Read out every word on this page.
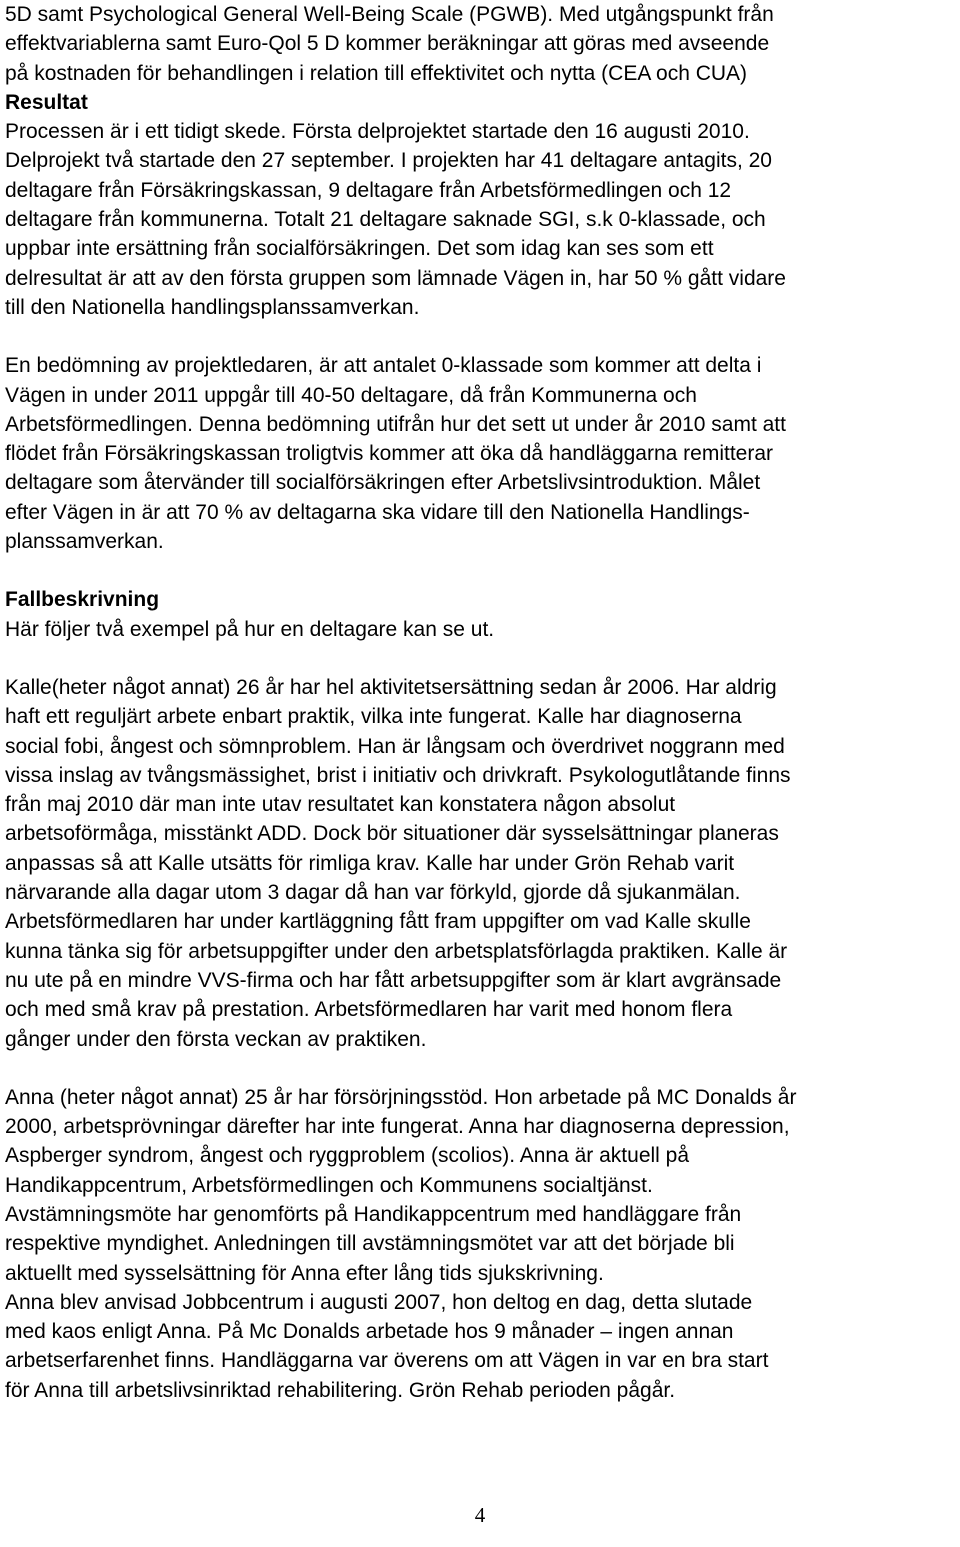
5D samt Psychological General Well-Being Scale (PGWB). Med utgångspunkt från
effektvariablerna samt Euro-Qol 5 D kommer beräkningar att göras med avseende
på kostnaden för behandlingen i relation till effektivitet och nytta (CEA och CUA)
Resultat
Processen är i ett tidigt skede. Första delprojektet startade den 16 augusti 2010.
Delprojekt två startade den 27 september. I projekten har 41 deltagare antagits, 20
deltagare från Försäkringskassan, 9 deltagare från Arbetsförmedlingen och 12
deltagare från kommunerna. Totalt 21 deltagare saknade SGI, s.k 0-klassade, och
uppbar inte ersättning från socialförsäkringen. Det som idag kan ses som ett
delresultat är att av den första gruppen som lämnade Vägen in, har 50 % gått vidare
till den Nationella handlingsplanssamverkan.
En bedömning av projektledaren, är att antalet 0-klassade som kommer att delta i
Vägen in under 2011 uppgår till 40-50 deltagare, då från Kommunerna och
Arbetsförmedlingen. Denna bedömning utifrån hur det sett ut under år 2010 samt att
flödet från Försäkringskassan troligtvis kommer att öka då handläggarna remitterar
deltagare som återvänder till socialförsäkringen efter Arbetslivsintroduktion. Målet
efter Vägen in är att 70 % av deltagarna ska vidare till den Nationella Handlings-
planssamverkan.
Fallbeskrivning
Här följer två exempel på hur en deltagare kan se ut.
Kalle(heter något annat) 26 år har hel aktivitetsersättning sedan år 2006. Har aldrig
haft ett reguljärt arbete enbart praktik, vilka inte fungerat. Kalle har diagnoserna
social fobi, ångest och sömnproblem. Han är långsam och överdrivet noggrann med
vissa inslag av tvångsmässighet, brist i initiativ och drivkraft. Psykologutlåtande finns
från maj 2010 där man inte utav resultatet kan konstatera någon absolut
arbetsoförmåga, misstänkt ADD. Dock bör situationer där sysselsättningar planeras
anpassas så att Kalle utsätts för rimliga krav. Kalle har under Grön Rehab varit
närvarande alla dagar utom 3 dagar då han var förkyld, gjorde då sjukanmälan.
Arbetsförmedlaren har under kartläggning fått fram uppgifter om vad Kalle skulle
kunna tänka sig för arbetsuppgifter under den arbetsplatsförlagda praktiken. Kalle är
nu ute på en mindre VVS-firma och har fått arbetsuppgifter som är klart avgränsade
och med små krav på prestation. Arbetsförmedlaren har varit med honom flera
gånger under den första veckan av praktiken.
Anna (heter något annat) 25 år har försörjningsstöd. Hon arbetade på MC Donalds år
2000, arbetsprövningar därefter har inte fungerat. Anna har diagnoserna depression,
Aspberger syndrom, ångest och ryggproblem (scolios). Anna är aktuell på
Handikappcentrum, Arbetsförmedlingen och Kommunens socialtjänst.
Avstämningsmöte har genomförts på Handikappcentrum med handläggare från
respektive myndighet. Anledningen till avstämningsmötet var att det började bli
aktuellt med sysselsättning för Anna efter lång tids sjukskrivning.
Anna blev anvisad Jobbcentrum i augusti 2007, hon deltog en dag, detta slutade
med kaos enligt Anna. På Mc Donalds arbetade hos 9 månader – ingen annan
arbetserfarenhet finns. Handläggarna var överens om att Vägen in var en bra start
för Anna till arbetslivsinriktad rehabilitering. Grön Rehab perioden pågår.
4
